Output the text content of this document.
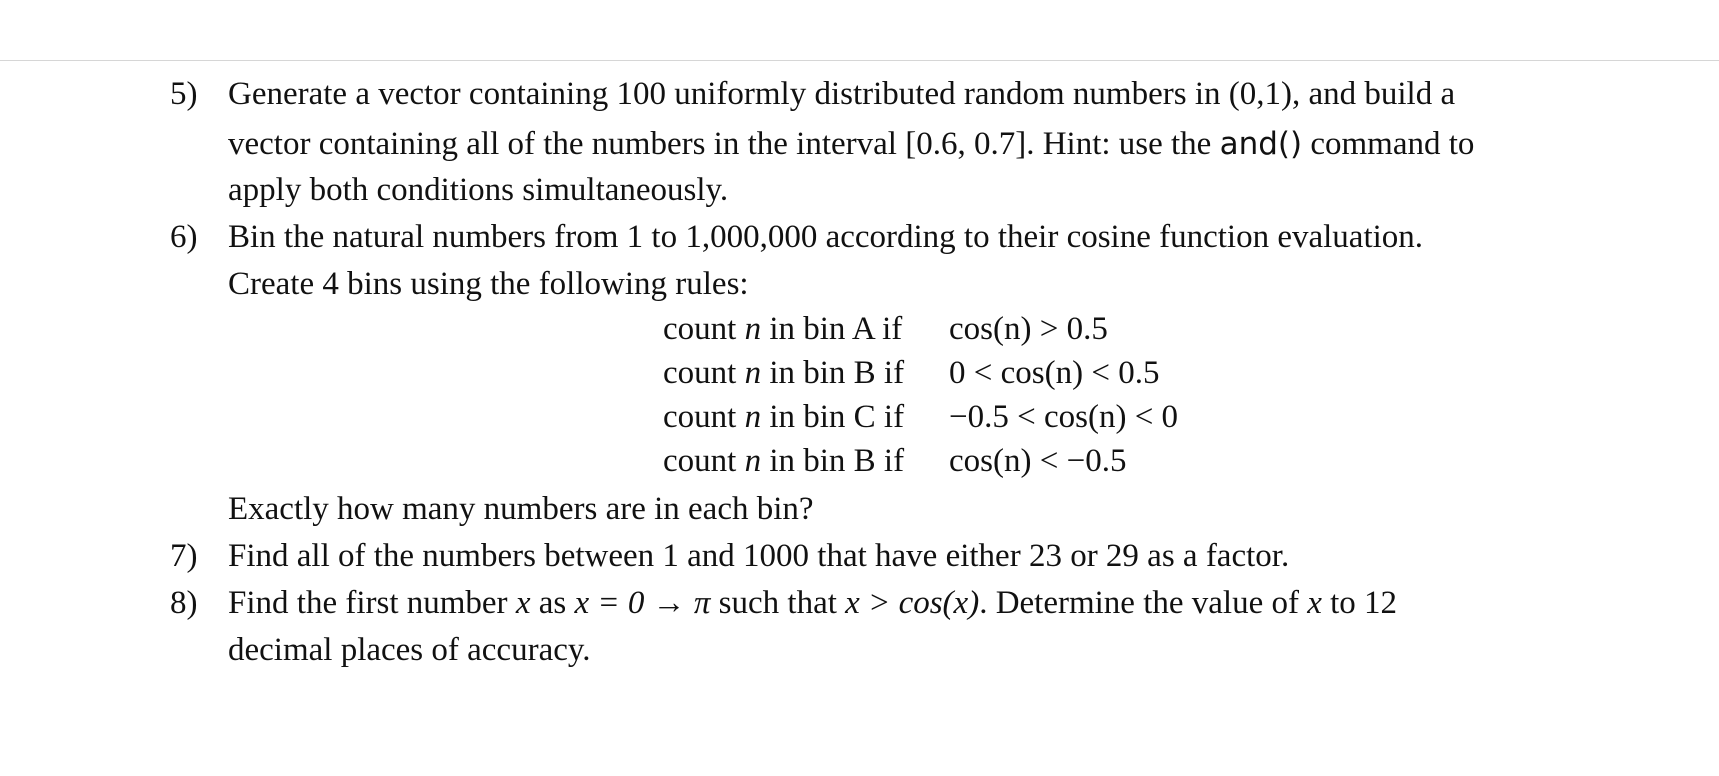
5) Generate a vector containing 100 uniformly distributed random numbers in (0,1), and build a
vector containing all of the numbers in the interval [0.6, 0.7]. Hint: use the and() command to
apply both conditions simultaneously.
6) Bin the natural numbers from 1 to 1,000,000 according to their cosine function evaluation.
Create 4 bins using the following rules:
count n in bin A if cos(n) > 0.5
count n in bin B if 0 < cos(n) < 0.5
count n in bin C if −0.5 < cos(n) < 0
count n in bin B if cos(n) < −0.5
Exactly how many numbers are in each bin?
7) Find all of the numbers between 1 and 1000 that have either 23 or 29 as a factor.
8) Find the first number x as x = 0 → π such that x > cos(x). Determine the value of x to 12
decimal places of accuracy.
